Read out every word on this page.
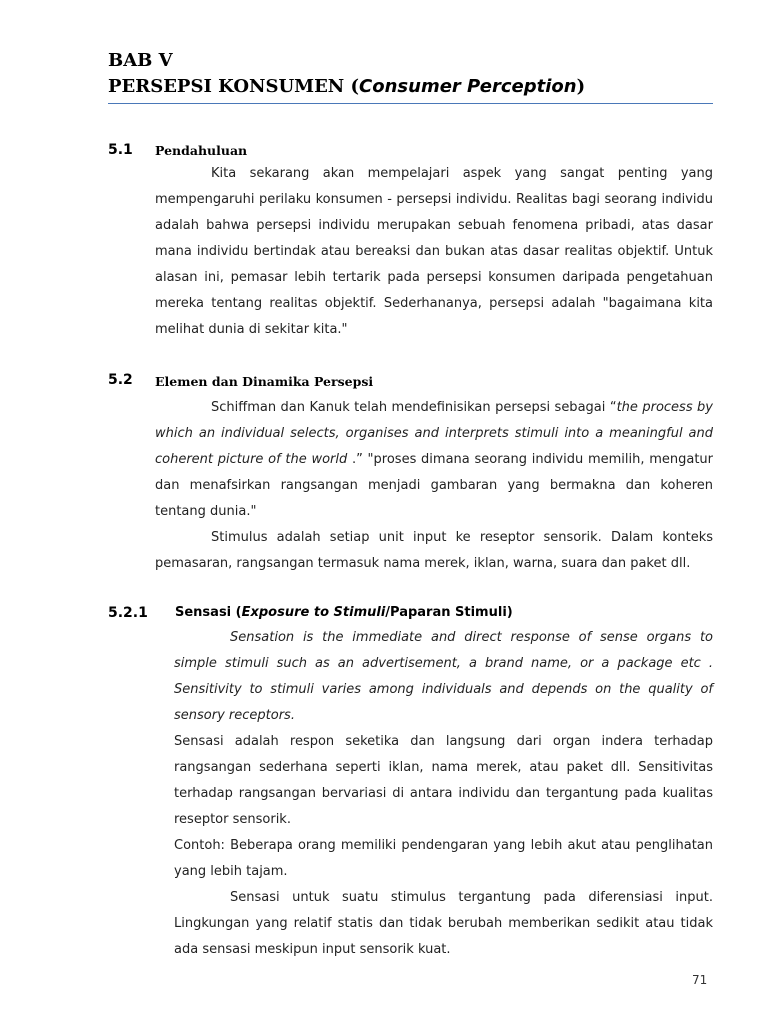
BAB V
PERSEPSI KONSUMEN (Consumer Perception)
5.1 Pendahuluan

Kita sekarang akan mempelajari aspek yang sangat penting yang mempengaruhi perilaku konsumen - persepsi individu. Realitas bagi seorang individu adalah bahwa persepsi individu merupakan sebuah fenomena pribadi, atas dasar mana individu bertindak atau bereaksi dan bukan atas dasar realitas objektif. Untuk alasan ini, pemasar lebih tertarik pada persepsi konsumen daripada pengetahuan mereka tentang realitas objektif. Sederhananya, persepsi adalah "bagaimana kita melihat dunia di sekitar kita."

5.2 Elemen dan Dinamika Persepsi

Schiffman dan Kanuk telah mendefinisikan persepsi sebagai “the process by which an individual selects, organises and interprets stimuli into a meaningful and coherent picture of the world .” "proses dimana seorang individu memilih, mengatur dan menafsirkan rangsangan menjadi gambaran yang bermakna dan koheren tentang dunia."

Stimulus adalah setiap unit input ke reseptor sensorik. Dalam konteks pemasaran, rangsangan termasuk nama merek, iklan, warna, suara dan paket dll.

5.2.1 Sensasi (Exposure to Stimuli/Paparan Stimuli)

Sensation is the immediate and direct response of sense organs to simple stimuli such as an advertisement, a brand name, or a package etc . Sensitivity to stimuli varies among individuals and depends on the quality of sensory receptors.

Sensasi adalah respon seketika dan langsung dari organ indera terhadap rangsangan sederhana seperti iklan, nama merek, atau paket dll. Sensitivitas terhadap rangsangan bervariasi di antara individu dan tergantung pada kualitas reseptor sensorik.

Contoh: Beberapa orang memiliki pendengaran yang lebih akut atau penglihatan yang lebih tajam.

Sensasi untuk suatu stimulus tergantung pada diferensiasi input. Lingkungan yang relatif statis dan tidak berubah memberikan sedikit atau tidak ada sensasi meskipun input sensorik kuat.

71
